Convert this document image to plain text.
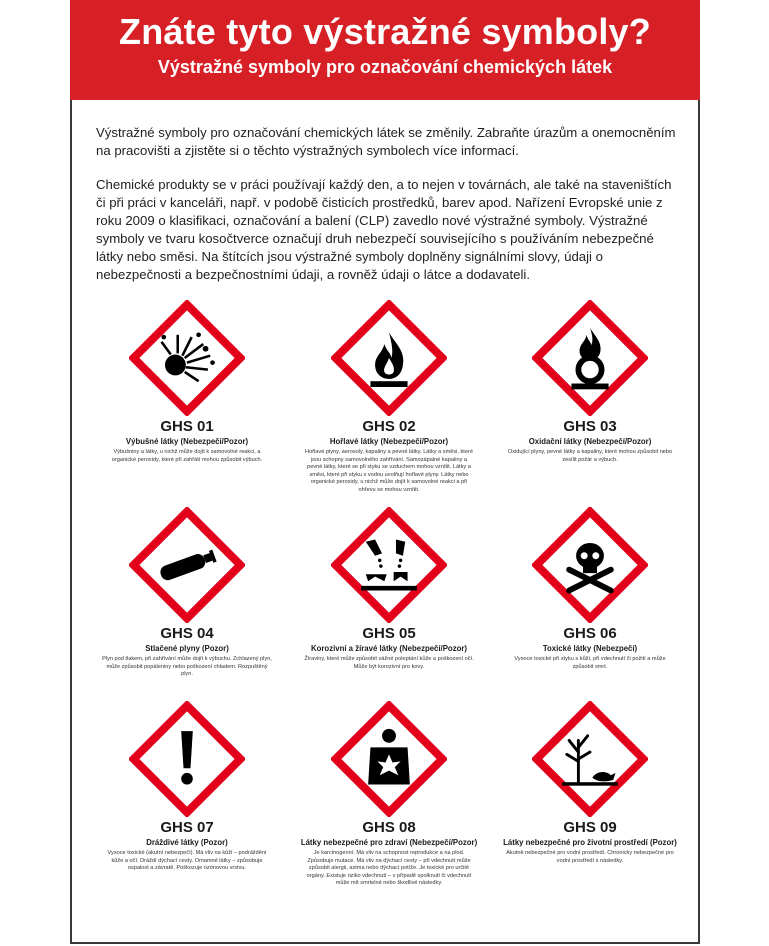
Znáte tyto výstražné symboly?
Výstražné symboly pro označování chemických látek

Výstražné symboly pro označování chemických látek se změnily. Zabraňte úrazům a onemocněním na pracovišti a zjistěte si o těchto výstražných symbolech více informací.

Chemické produkty se v práci používají každý den, a to nejen v továrnách, ale také na staveništích či při práci v kanceláři, např. v podobě čisticích prostředků, barev apod. Nařízení Evropské unie z roku 2009 o klasifikaci, označování a balení (CLP) zavedlo nové výstražné symboly. Výstražné symboly ve tvaru kosočtverce označují druh nebezpečí souvisejícího s používáním nebezpečné látky nebo směsi. Na štítcích jsou výstražné symboly doplněny signálními slovy, údaji o nebezpečnosti a bezpečnostními údaji, a rovněž údaji o látce a dodavateli.

GHS 01
Výbušné látky (Nebezpečí/Pozor)
Výbušniny a látky, u nichž může dojít k samovolné reakci, a organické peroxidy, které při zahřátí mohou způsobit výbuch.
GHS 02
Hořlavé látky (Nebezpečí/Pozor)
Hořlavé plyny, aerosoly, kapaliny a pevné látky. Látky a směsi, které jsou schopny samovolného zahřívání. Samozápalné kapaliny a pevné látky, které se při styku se vzduchem mohou vznítit. Látky a směsi, které při styku s vodou uvolňují hořlavé plyny. Látky nebo organické peroxidy, u nichž může dojít k samovolné reakci a při ohřevu se mohou vznítit.
GHS 03
Oxidační látky (Nebezpečí/Pozor)
Oxidující plyny, pevné látky a kapaliny, které mohou způsobit nebo zesílit požár a výbuch.
GHS 04
Stlačené plyny (Pozor)
Plyn pod tlakem, při zahřívání může dojít k výbuchu. Zchlazený plyn, může způsobit popáleniny nebo poškození chladem. Rozpuštěný plyn.
GHS 05
Korozivní a žíravé látky (Nebezpečí/Pozor)
Žíraviny, které může způsobit vážné poleptání kůže a poškození očí. Může být korozivní pro kovy.
GHS 06
Toxické látky (Nebezpečí)
Vysoce toxické při styku s kůží, při vdechnutí či požití a může způsobit smrt.
GHS 07
Dráždivé látky (Pozor)
Vysoce toxické (akutní nebezpečí). Má vliv na kůži – podráždění kůže a očí. Dráždí dýchací cesty. Omamné látky – způsobuje ospalost a závratě. Poškozuje ozónovou vrstvu.
GHS 08
Látky nebezpečné pro zdraví (Nebezpečí/Pozor)
Je karcinogenní. Má vliv na schopnost reprodukce a na plod. Způsobuje mutace. Má vliv na dýchací cesty – při vdechnutí může způsobit alergii, astma nebo dýchací potíže. Je toxické pro určité orgány. Existuje riziko vdechnutí – v případě spolknutí či vdechnutí může mít smrtelné nebo škodlivé následky.
GHS 09
Látky nebezpečné pro životní prostředí (Pozor)
Akutně nebezpečné pro vodní prostředí. Chronicky nebezpečné pro vodní prostředí s následky.
